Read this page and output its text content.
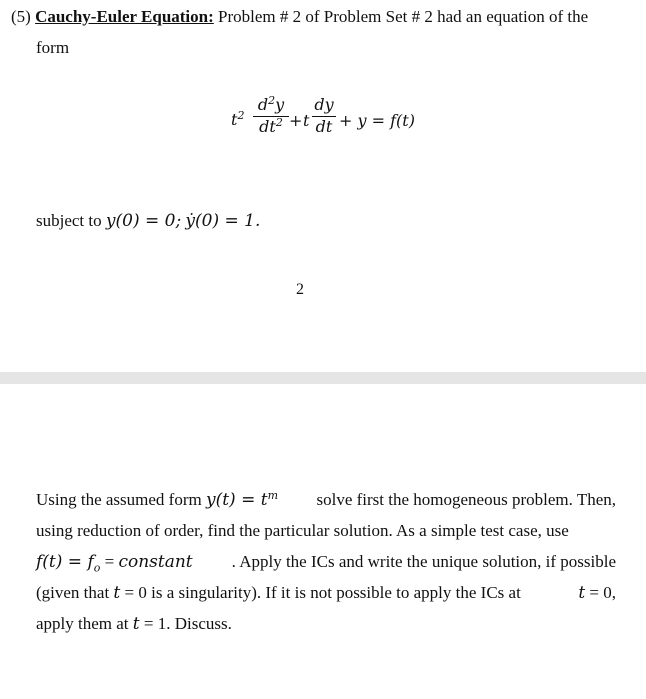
(5) Cauchy-Euler Equation: Problem # 2 of Problem Set # 2 had an equation of the
form
$t^2$
$d^2y$
$dt^2 + t$
dy
dt + y = f(t)
subject to y(0) = 0; ẏ(0) = 1.
2
Using the assumed form $y(t) = t^m$ solve first the homogeneous problem. Then,
using reduction of order, find the particular solution. As a simple test case, use
$f(t) = f_o$ = constant . Apply the ICs and write the unique solution, if possible
(given that t = 0 is a singularity). If it is not possible to apply the ICs at	t = 0,
apply them at t = 1. Discuss.
